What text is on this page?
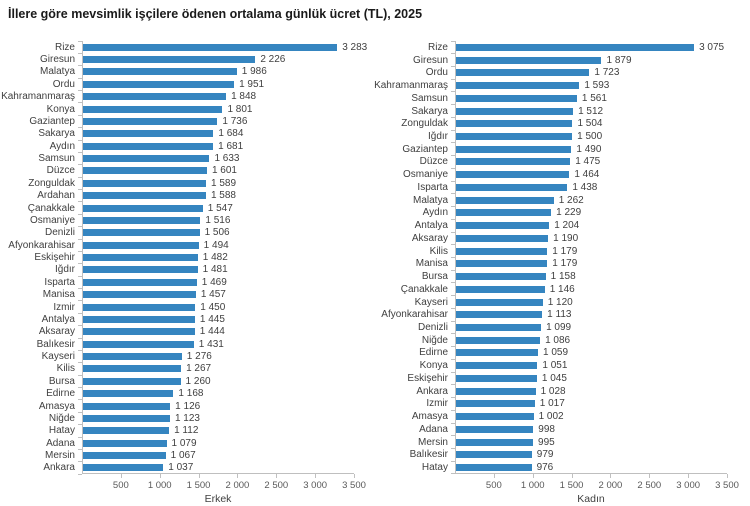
İllere göre mevsimlik işçilere ödenen ortalama günlük ücret (TL), 2025
Rize	3 283
Giresun	2 226
Malatya	1 986
Ordu	1 951
Kahramanmaraş	1 848
Konya	1 801
Gaziantep	1 736
Sakarya	1 684
Aydın	1 681
Samsun	1 633
Düzce	1 601
Zonguldak	1 589
Ardahan	1 588
Çanakkale	1 547
Osmaniye	1 516
Denizli	1 506
Afyonkarahisar	1 494
Eskişehir	1 482
Iğdır	1 481
Isparta	1 469
Manisa	1 457
İzmir	1 450
Antalya	1 445
Aksaray	1 444
Balıkesir	1 431
Kayseri	1 276
Kilis	1 267
Bursa	1 260
Edirne	1 168
Amasya	1 126
Niğde	1 123
Hatay	1 112
Adana	1 079
Mersin	1 067
Ankara	1 037
500 1 000 1 500 2 000 2 500 3 000 3 500
Erkek
Rize	3 075
Giresun	1 879
Ordu	1 723
Kahramanmaraş	1 593
Samsun	1 561
Sakarya	1 512
Zonguldak	1 504
Iğdır	1 500
Gaziantep	1 490
Düzce	1 475
Osmaniye	1 464
Isparta	1 438
Malatya	1 262
Aydın	1 229
Antalya	1 204
Aksaray	1 190
Kilis	1 179
Manisa	1 179
Bursa	1 158
Çanakkale	1 146
Kayseri	1 120
Afyonkarahisar	1 113
Denizli	1 099
Niğde	1 086
Edirne	1 059
Konya	1 051
Eskişehir	1 045
Ankara	1 028
İzmir	1 017
Amasya	1 002
Adana	998
Mersin	995
Balıkesir	979
Hatay	976
500 1 000 1 500 2 000 2 500 3 000 3 500
Kadın
